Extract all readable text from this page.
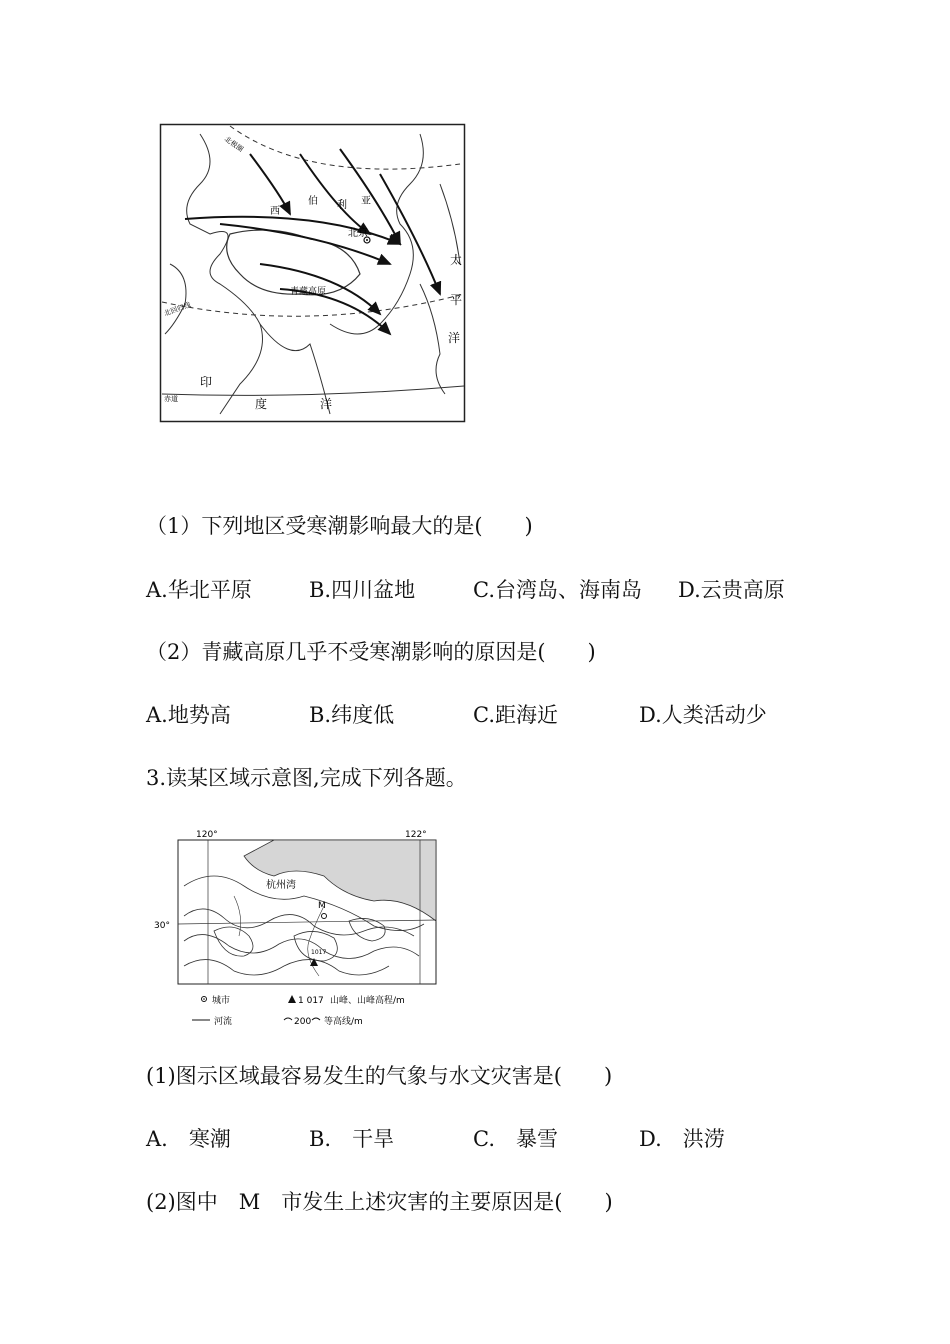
西
伯 利 亚
北京
青藏高原
太
平
洋
印
度	洋
北极圈
北回归线
赤道
（1）下列地区受寒潮影响最大的是(　　)
A.华北平原	B.四川盆地	C.台湾岛、海南岛 D.云贵高原
（2）青藏高原几乎不受寒潮影响的原因是(　　)
A.地势高	B.纬度低	C.距海近	D.人类活动少
3.读某区域示意图,完成下列各题。
120°	122°
30°
杭州湾
M
1017
城市	1 017 山峰、山峰高程/m
河流	200 等高线/m
(1)图示区域最容易发生的气象与水文灾害是(　　)
A.　寒潮	B.　干旱	C.　暴雪	D.　洪涝
(2)图中　M　市发生上述灾害的主要原因是(　　)
